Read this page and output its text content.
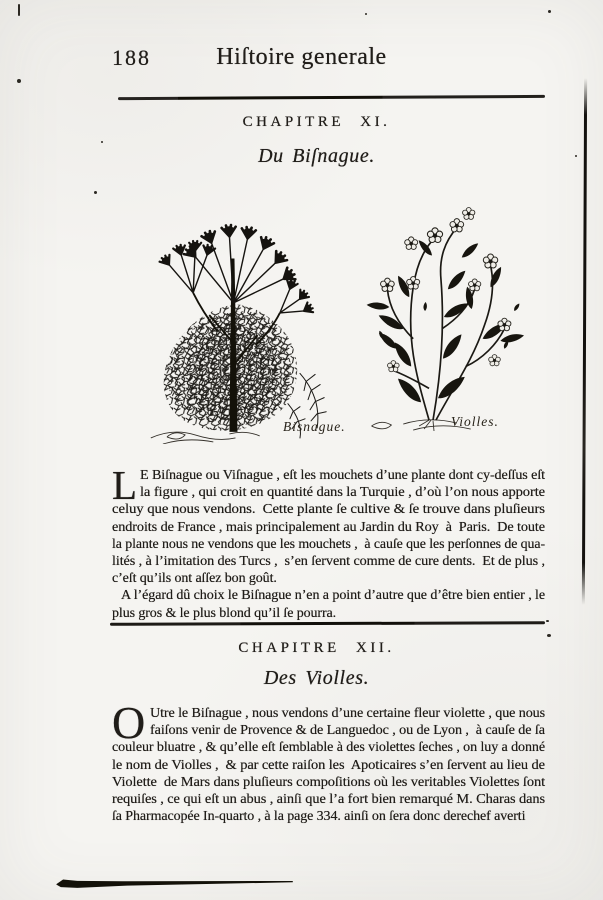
188	Hiſtoire generale
CHAPITRE XI.
Du Biſnague.
Bisnague.	Violles.
L E Biſnague ou Viſnague , eſt les mouchets d’une plante dont cy-deſſus eſt
la figure , qui croit en quantité dans la Turquie , d’où l’on nous apporte
celuy que nous vendons.  Cette plante ſe cultive & ſe trouve dans pluſieurs
endroits de France , mais principalement au Jardin du Roy  à  Paris.  De toute
la plante nous ne vendons que les mouchets ,  à cauſe que les perſonnes de qua-
lités , à l’imitation des Turcs ,  s’en ſervent comme de cure dents.  Et de plus ,
c’eſt qu’ils ont aſſez bon goût.
A l’égard dû choix le Biſnague n’en a point d’autre que d’être bien entier , le
plus gros & le plus blond qu’il ſe pourra.
CHAPITRE XII.
Des Violles.
O Utre le Biſnague , nous vendons d’une certaine fleur violette , que nous
faiſons venir de Provence & de Languedoc , ou de Lyon ,  à cauſe de ſa
couleur bluatre , & qu’elle eſt ſemblable à des violettes ſeches , on luy a donné
le nom de Violles ,  & par cette raiſon les  Apoticaires s’en ſervent au lieu de
Violette  de Mars dans pluſieurs compoſitions où les veritables Violettes ſont
requiſes , ce qui eſt un abus , ainſi que l’a fort bien remarqué M. Charas dans
ſa Pharmacopée In-quarto , à la page 334. ainſi on ſera donc derechef averti
